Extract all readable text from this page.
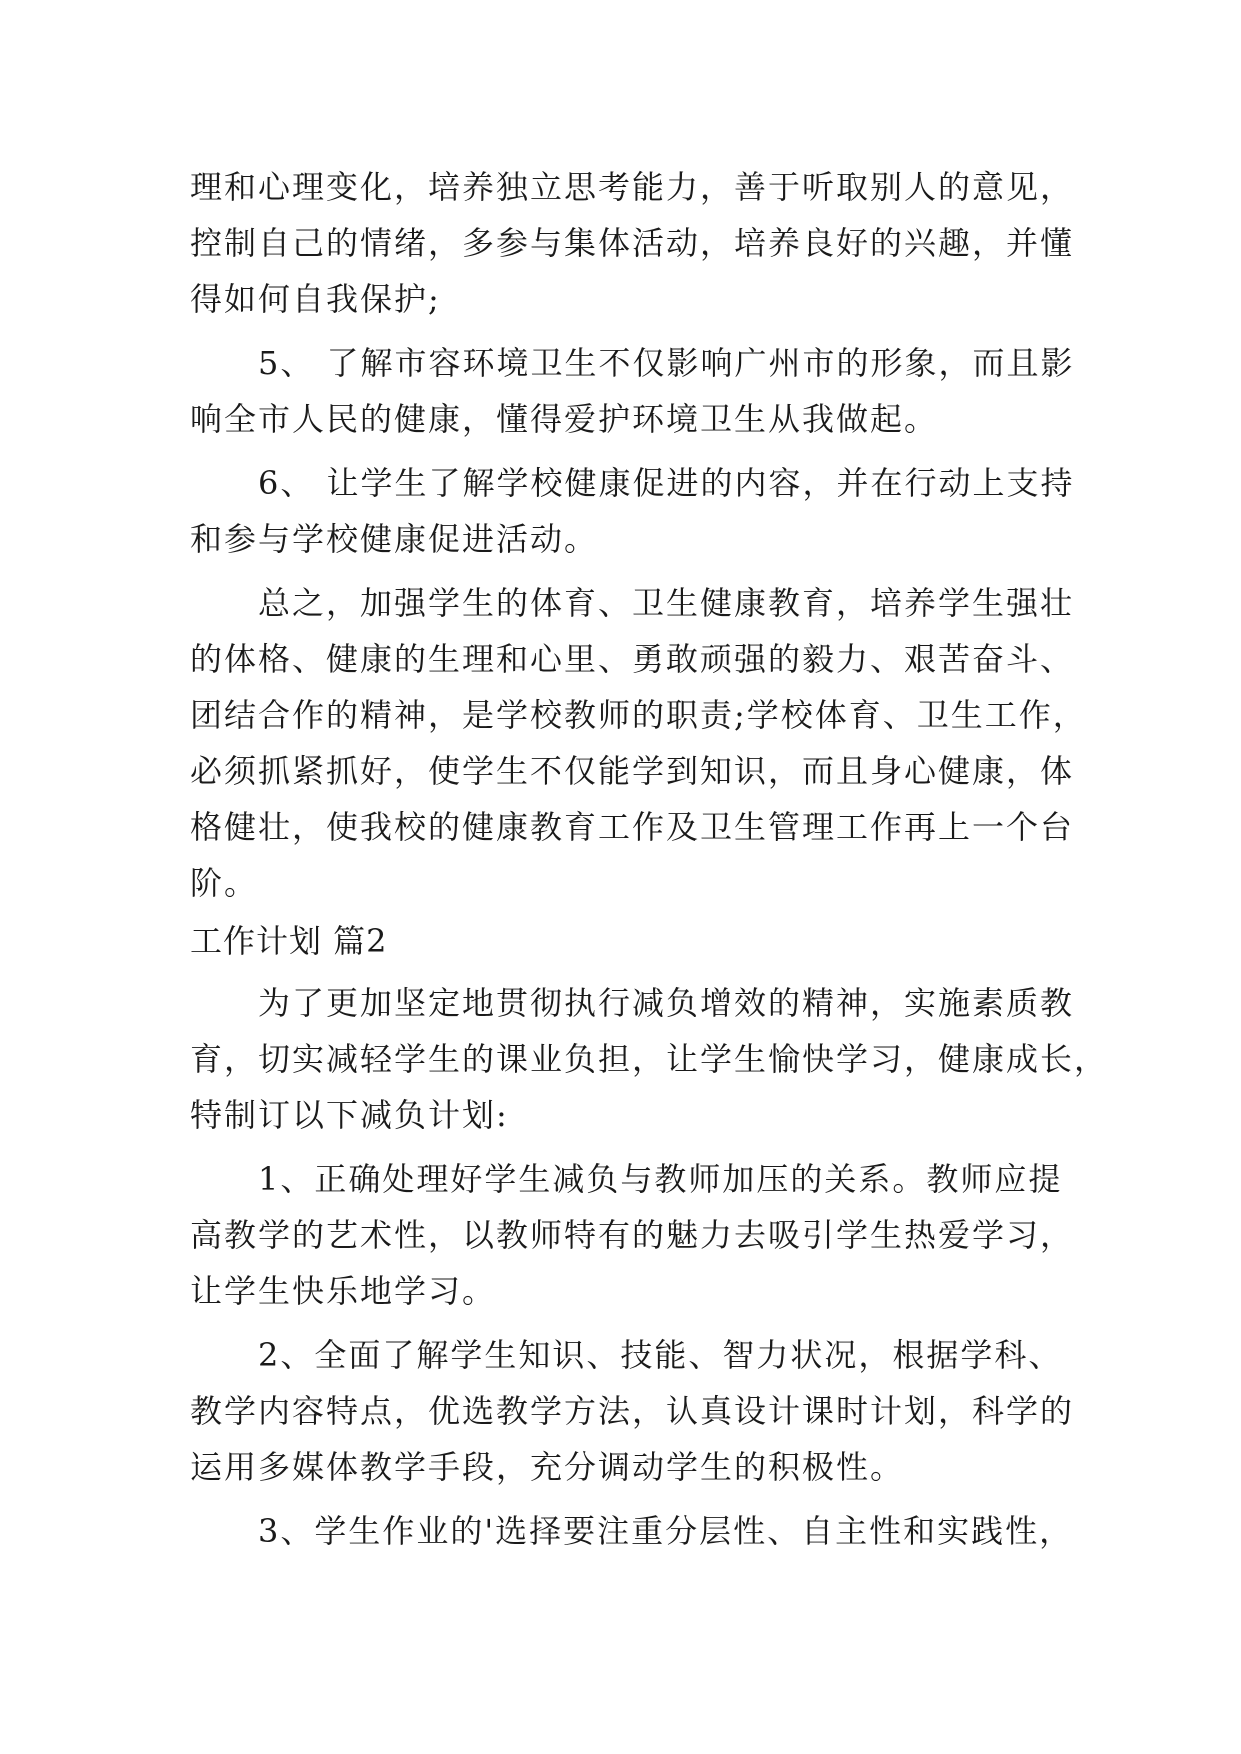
理和心理变化，培养独立思考能力，善于听取别人的意见，
控制自己的情绪，多参与集体活动，培养良好的兴趣，并懂
得如何自我保护;
5、 了解市容环境卫生不仅影响广州市的形象，而且影
响全市人民的健康，懂得爱护环境卫生从我做起。
6、 让学生了解学校健康促进的内容，并在行动上支持
和参与学校健康促进活动。
总之，加强学生的体育、卫生健康教育，培养学生强壮
的体格、健康的生理和心里、勇敢顽强的毅力、艰苦奋斗、
团结合作的精神，是学校教师的职责;学校体育、卫生工作，
必须抓紧抓好，使学生不仅能学到知识，而且身心健康，体
格健壮，使我校的健康教育工作及卫生管理工作再上一个台
阶。
工作计划 篇2
为了更加坚定地贯彻执行减负增效的精神，实施素质教
育，切实减轻学生的课业负担，让学生愉快学习，健康成长，
特制订以下减负计划:
1、正确处理好学生减负与教师加压的关系。教师应提
高教学的艺术性，以教师特有的魅力去吸引学生热爱学习，
让学生快乐地学习。
2、全面了解学生知识、技能、智力状况，根据学科、
教学内容特点，优选教学方法，认真设计课时计划，科学的
运用多媒体教学手段，充分调动学生的积极性。
3、学生作业的'选择要注重分层性、自主性和实践性，
